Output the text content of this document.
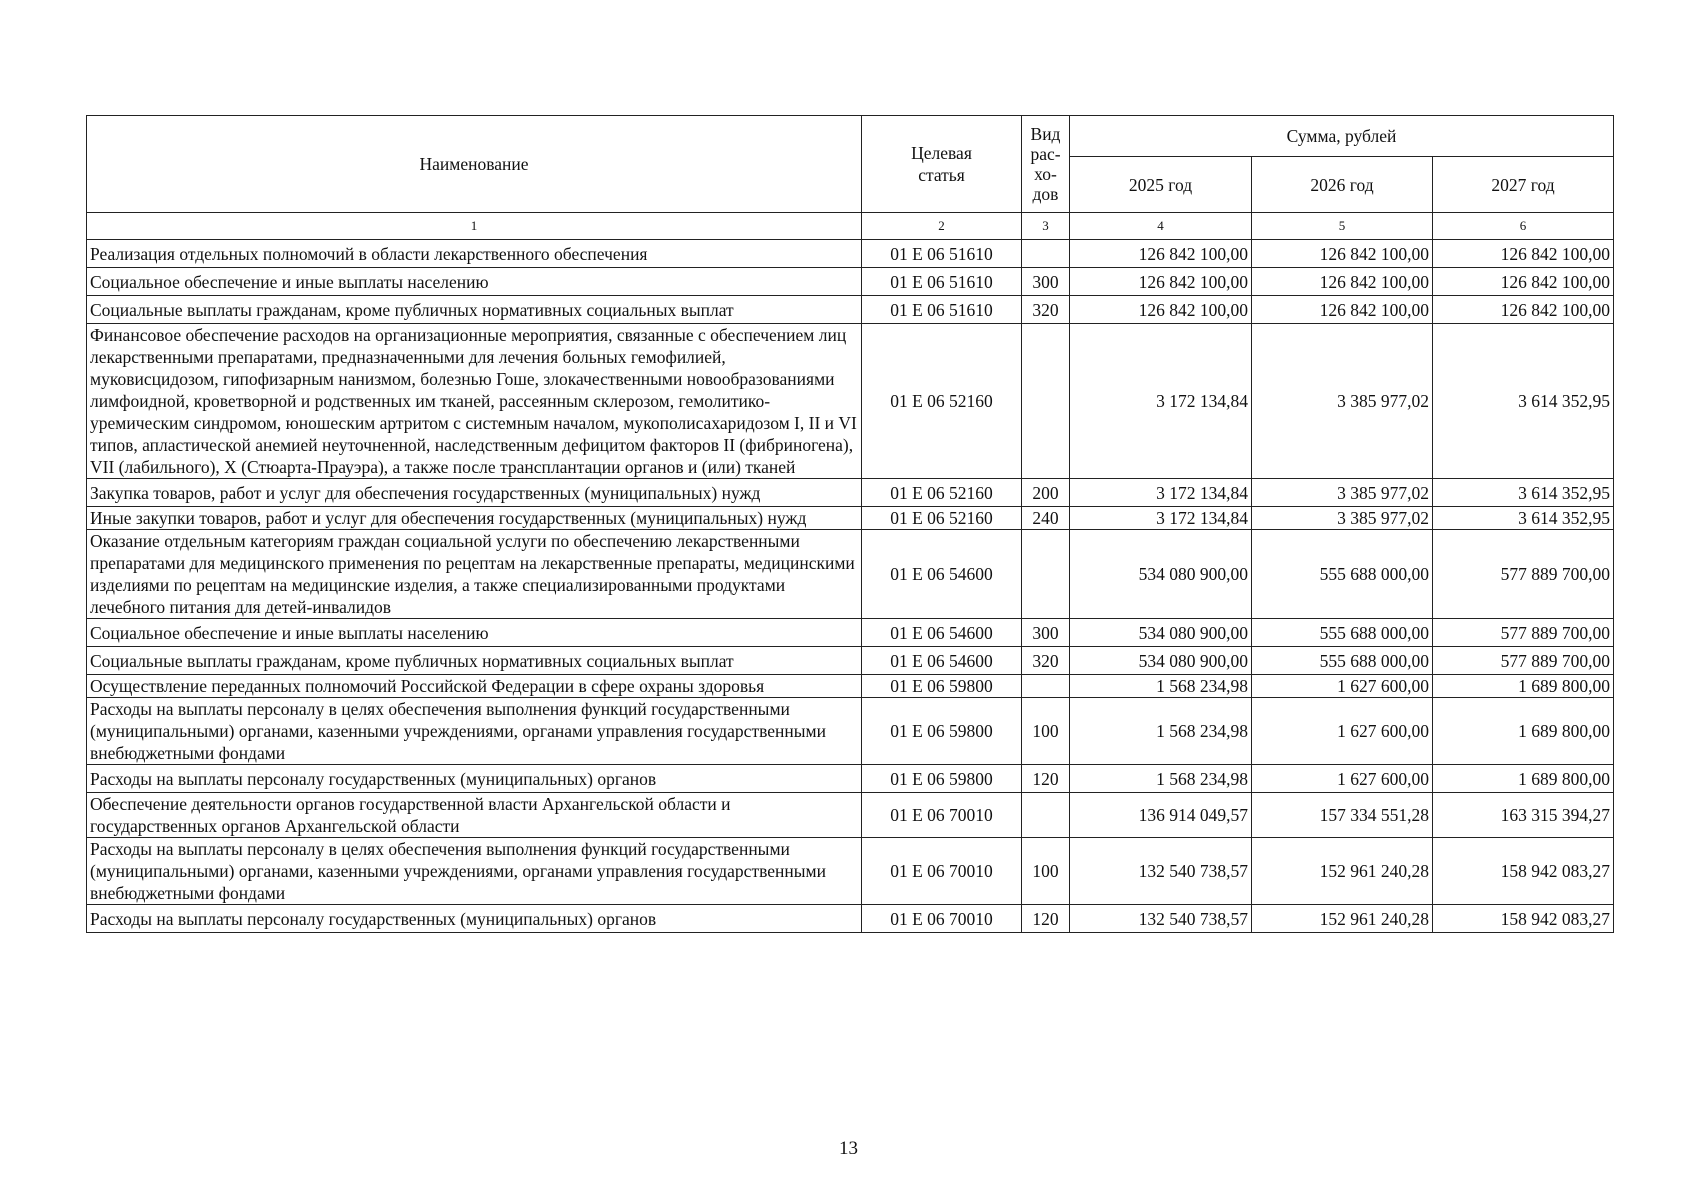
Наименование	Целевая статья	Вид рас-хо-дов	Сумма, рублей		
			2025 год	2026 год	2027 год
1	2	3	4	5	6
Реализация отдельных полномочий в области лекарственного обеспечения	01 Е 06 51610		126 842 100,00	126 842 100,00	126 842 100,00
Социальное обеспечение и иные выплаты населению	01 Е 06 51610	300	126 842 100,00	126 842 100,00	126 842 100,00
Социальные выплаты гражданам, кроме публичных нормативных социальных выплат	01 Е 06 51610	320	126 842 100,00	126 842 100,00	126 842 100,00
Финансовое обеспечение расходов на организационные мероприятия, связанные с обеспечением лиц лекарственными препаратами, предназначенными для лечения больных гемофилией, муковисцидозом, гипофизарным нанизмом, болезнью Гоше, злокачественными новообразованиями лимфоидной, кроветворной и родственных им тканей, рассеянным склерозом, гемолитико-уремическим синдромом, юношеским артритом с системным началом, мукополисахаридозом I, II и VI типов, апластической анемией неуточненной, наследственным дефицитом факторов II (фибриногена), VII (лабильного), X (Стюарта-Прауэра), а также после трансплантации органов и (или) тканей	01 Е 06 52160		3 172 134,84	3 385 977,02	3 614 352,95
Закупка товаров, работ и услуг для обеспечения государственных (муниципальных) нужд	01 Е 06 52160	200	3 172 134,84	3 385 977,02	3 614 352,95
Иные закупки товаров, работ и услуг для обеспечения государственных (муниципальных) нужд	01 Е 06 52160	240	3 172 134,84	3 385 977,02	3 614 352,95
Оказание отдельным категориям граждан социальной услуги по обеспечению лекарственными препаратами для медицинского применения по рецептам на лекарственные препараты, медицинскими изделиями по рецептам на медицинские изделия, а также специализированными продуктами лечебного питания для детей-инвалидов	01 Е 06 54600		534 080 900,00	555 688 000,00	577 889 700,00
Социальное обеспечение и иные выплаты населению	01 Е 06 54600	300	534 080 900,00	555 688 000,00	577 889 700,00
Социальные выплаты гражданам, кроме публичных нормативных социальных выплат	01 Е 06 54600	320	534 080 900,00	555 688 000,00	577 889 700,00
Осуществление переданных полномочий Российской Федерации в сфере охраны здоровья	01 Е 06 59800		1 568 234,98	1 627 600,00	1 689 800,00
Расходы на выплаты персоналу в целях обеспечения выполнения функций государственными (муниципальными) органами, казенными учреждениями, органами управления государственными внебюджетными фондами	01 Е 06 59800	100	1 568 234,98	1 627 600,00	1 689 800,00
Расходы на выплаты персоналу государственных (муниципальных) органов	01 Е 06 59800	120	1 568 234,98	1 627 600,00	1 689 800,00
Обеспечение деятельности органов государственной власти Архангельской области и государственных органов Архангельской области	01 Е 06 70010		136 914 049,57	157 334 551,28	163 315 394,27
Расходы на выплаты персоналу в целях обеспечения выполнения функций государственными (муниципальными) органами, казенными учреждениями, органами управления государственными внебюджетными фондами	01 Е 06 70010	100	132 540 738,57	152 961 240,28	158 942 083,27
Расходы на выплаты персоналу государственных (муниципальных) органов	01 Е 06 70010	120	132 540 738,57	152 961 240,28	158 942 083,27
13
